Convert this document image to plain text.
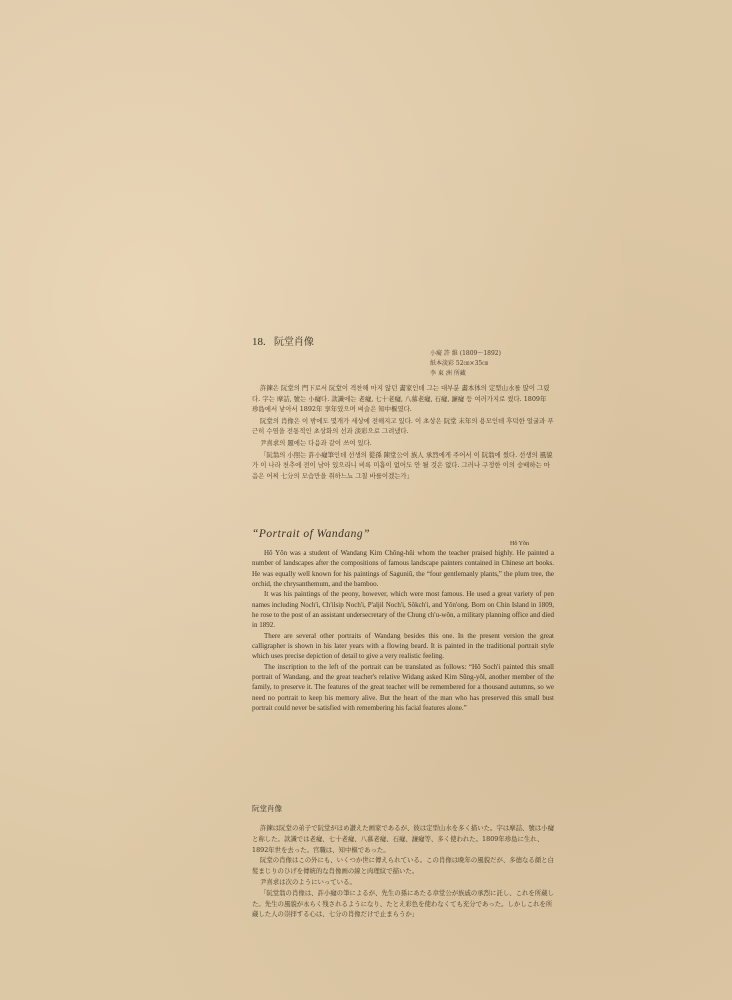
18. 阮堂肖像
小癡 許 維 (1809～1892)
紙本淡彩 52㎝×35㎝
李 東 洲 所藏

許鍊은 阮堂의 門下로서 阮堂이 격찬해 마지 않던 畵家인데 그는 대부분 畵本体의 定型山水를 많이 그렸다. 字는 摩詰, 號는 小癡다. 款識에는 老癡, 七十老癡, 八慕老癡, 石癡, 濂癡 등 여러가지로 썼다. 1809年 珍島에서 낳아서 1892年 享年였으며 벼슬은 知中樞였다.

阮堂의 肖像은 이 밖에도 몇개가 세상에 전해지고 있다. 이 초상은 阮堂 末年의 용모인데 후덕한 얼굴과 푸근히 수염을 전통적인 초상화의 선과 淡彩으로 그려냈다.

尹喜求의 題에는 다음과 같이 쓰여 있다.

「阮翁의 小照는 許小癡筆인데 선생의 從孫 陳堂公이 族人 承烈에게 주어서 이 阮翁에 썼다. 선생의 風貌가 이 나라 천추에 전이 남아 있으리니 비록 미흡이 없어도 안 될 것은 없다. 그러나 구정한 이의 숭배하는 마음은 어찌 七分의 모습만을 취하느뇨 그칠 바를이겠는가」

“Portrait of Wandang”
Hŏ Yŏn

Hŏ Yŏn was a student of Wandang Kim Chŏng-hŭi whom the teacher praised highly. He painted a number of landscapes after the compositions of famous landscape painters contained in Chinese art books. He was equally well known for his paintings of Saguniŭ, the “four gentlemanly plants,” the plum tree, the orchid, the chrysanthemum, and the bamboo.

It was his paintings of the peony, however, which were most famous. He used a great variety of pen names including Noch'i, Ch'ilsip Noch'i, P'aljil Noch'i, Sŏkch'i, and Yŏn'ong. Born on Chin Island in 1809, he rose to the post of an assistant undersecretary of the Chung ch'u-wŏn, a military planning office and died in 1892.

There are several other portraits of Wandang besides this one. In the present version the great calligrapher is shown in his later years with a flowing beard. It is painted in the traditional portrait style which uses precise depiction of detail to give a very realistic feeling.

The inscription to the left of the portrait can be translated as follows: “Hŏ Soch'i painted this small portrait of Wandang, and the great teacher's relative Widang asked Kim Sŭng-yŏl, another member of the family, to preserve it. The features of the great teacher will be remembered for a thousand autumns, so we need no portrait to keep his memory alive. But the heart of the man who has preserved this small bust portrait could never be satisfied with remembering his facial features alone.”

阮堂肖像

許鍊は阮堂の弟子で阮堂がほめ讃えた画家であるが、彼は定型山水を多く描いた。字は摩詰、號は小癡と称した。款識では老癡、七十老癡、八慕老癡、石癡、濂癡等、多く使われた。1809年珍島に生れ、1892年世を去った。官職は、知中樞であった。

阮堂の肖像はこの外にも、いくつか世に傳えられている。この肖像は晩年の風貌だが、多德なる顔と白髪まじりのひげを傳統的な肖像画の線と肉理紋で描いた。

尹喜求は次のようにいっている。

「阮堂翁の肖像は、許小癡の筆によるが、先生の孫にあたる韋堂公が族戚の承烈に託し、これを所蔵した。先生の風貌が永らく残されるようになり、たとえ彩色を使わなくても充分であった。しかしこれを所蔵した人の崇拝する心は、七分の肖像だけで止まらうか」
